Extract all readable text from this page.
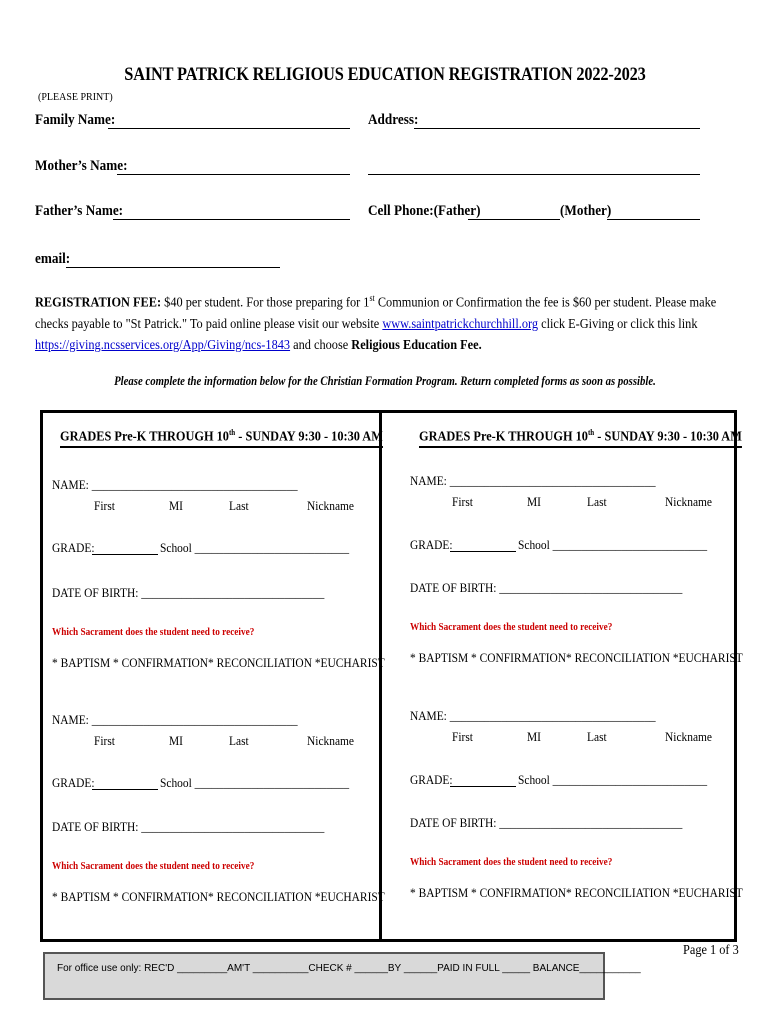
SAINT PATRICK RELIGIOUS EDUCATION REGISTRATION 2022-2023
(PLEASE PRINT)
Family Name:	Address:
Mother’s Name:
Father’s Name:	Cell Phone:(Father)	(Mother)
email:
REGISTRATION FEE: $40 per student. For those preparing for 1st Communion or Confirmation the fee is $60 per student. Please make checks payable to "St Patrick." To paid online please visit our website www.saintpatrickchurchhill.org click E-Giving or click this link https://giving.ncsservices.org/App/Giving/ncs-1843 and choose Religious Education Fee.
Please complete the information below for the Christian Formation Program. Return completed forms as soon as possible.
GRADES Pre-K THROUGH 10th - SUNDAY 9:30 - 10:30 AM
NAME: ____________________________________
First	MI	Last	Nickname
GRADE:	School ___________________________
DATE OF BIRTH: ________________________________
Which Sacrament does the student need to receive?
* BAPTISM * CONFIRMATION* RECONCILIATION *EUCHARIST
NAME: ____________________________________
First	MI	Last	Nickname
GRADE:	School ___________________________
DATE OF BIRTH: ________________________________
Which Sacrament does the student need to receive?
* BAPTISM * CONFIRMATION* RECONCILIATION *EUCHARIST
GRADES Pre-K THROUGH 10th - SUNDAY 9:30 - 10:30 AM
NAME: ____________________________________
First	MI	Last	Nickname
GRADE:	School ___________________________
DATE OF BIRTH: ________________________________
Which Sacrament does the student need to receive?
* BAPTISM * CONFIRMATION* RECONCILIATION *EUCHARIST
NAME: ____________________________________
First	MI	Last	Nickname
GRADE:	School ___________________________
DATE OF BIRTH: ________________________________
Which Sacrament does the student need to receive?
* BAPTISM * CONFIRMATION* RECONCILIATION *EUCHARIST
For office use only: REC'D _________AM'T __________CHECK # ______BY ______PAID IN FULL _____ BALANCE___________
Page 1 of 3
